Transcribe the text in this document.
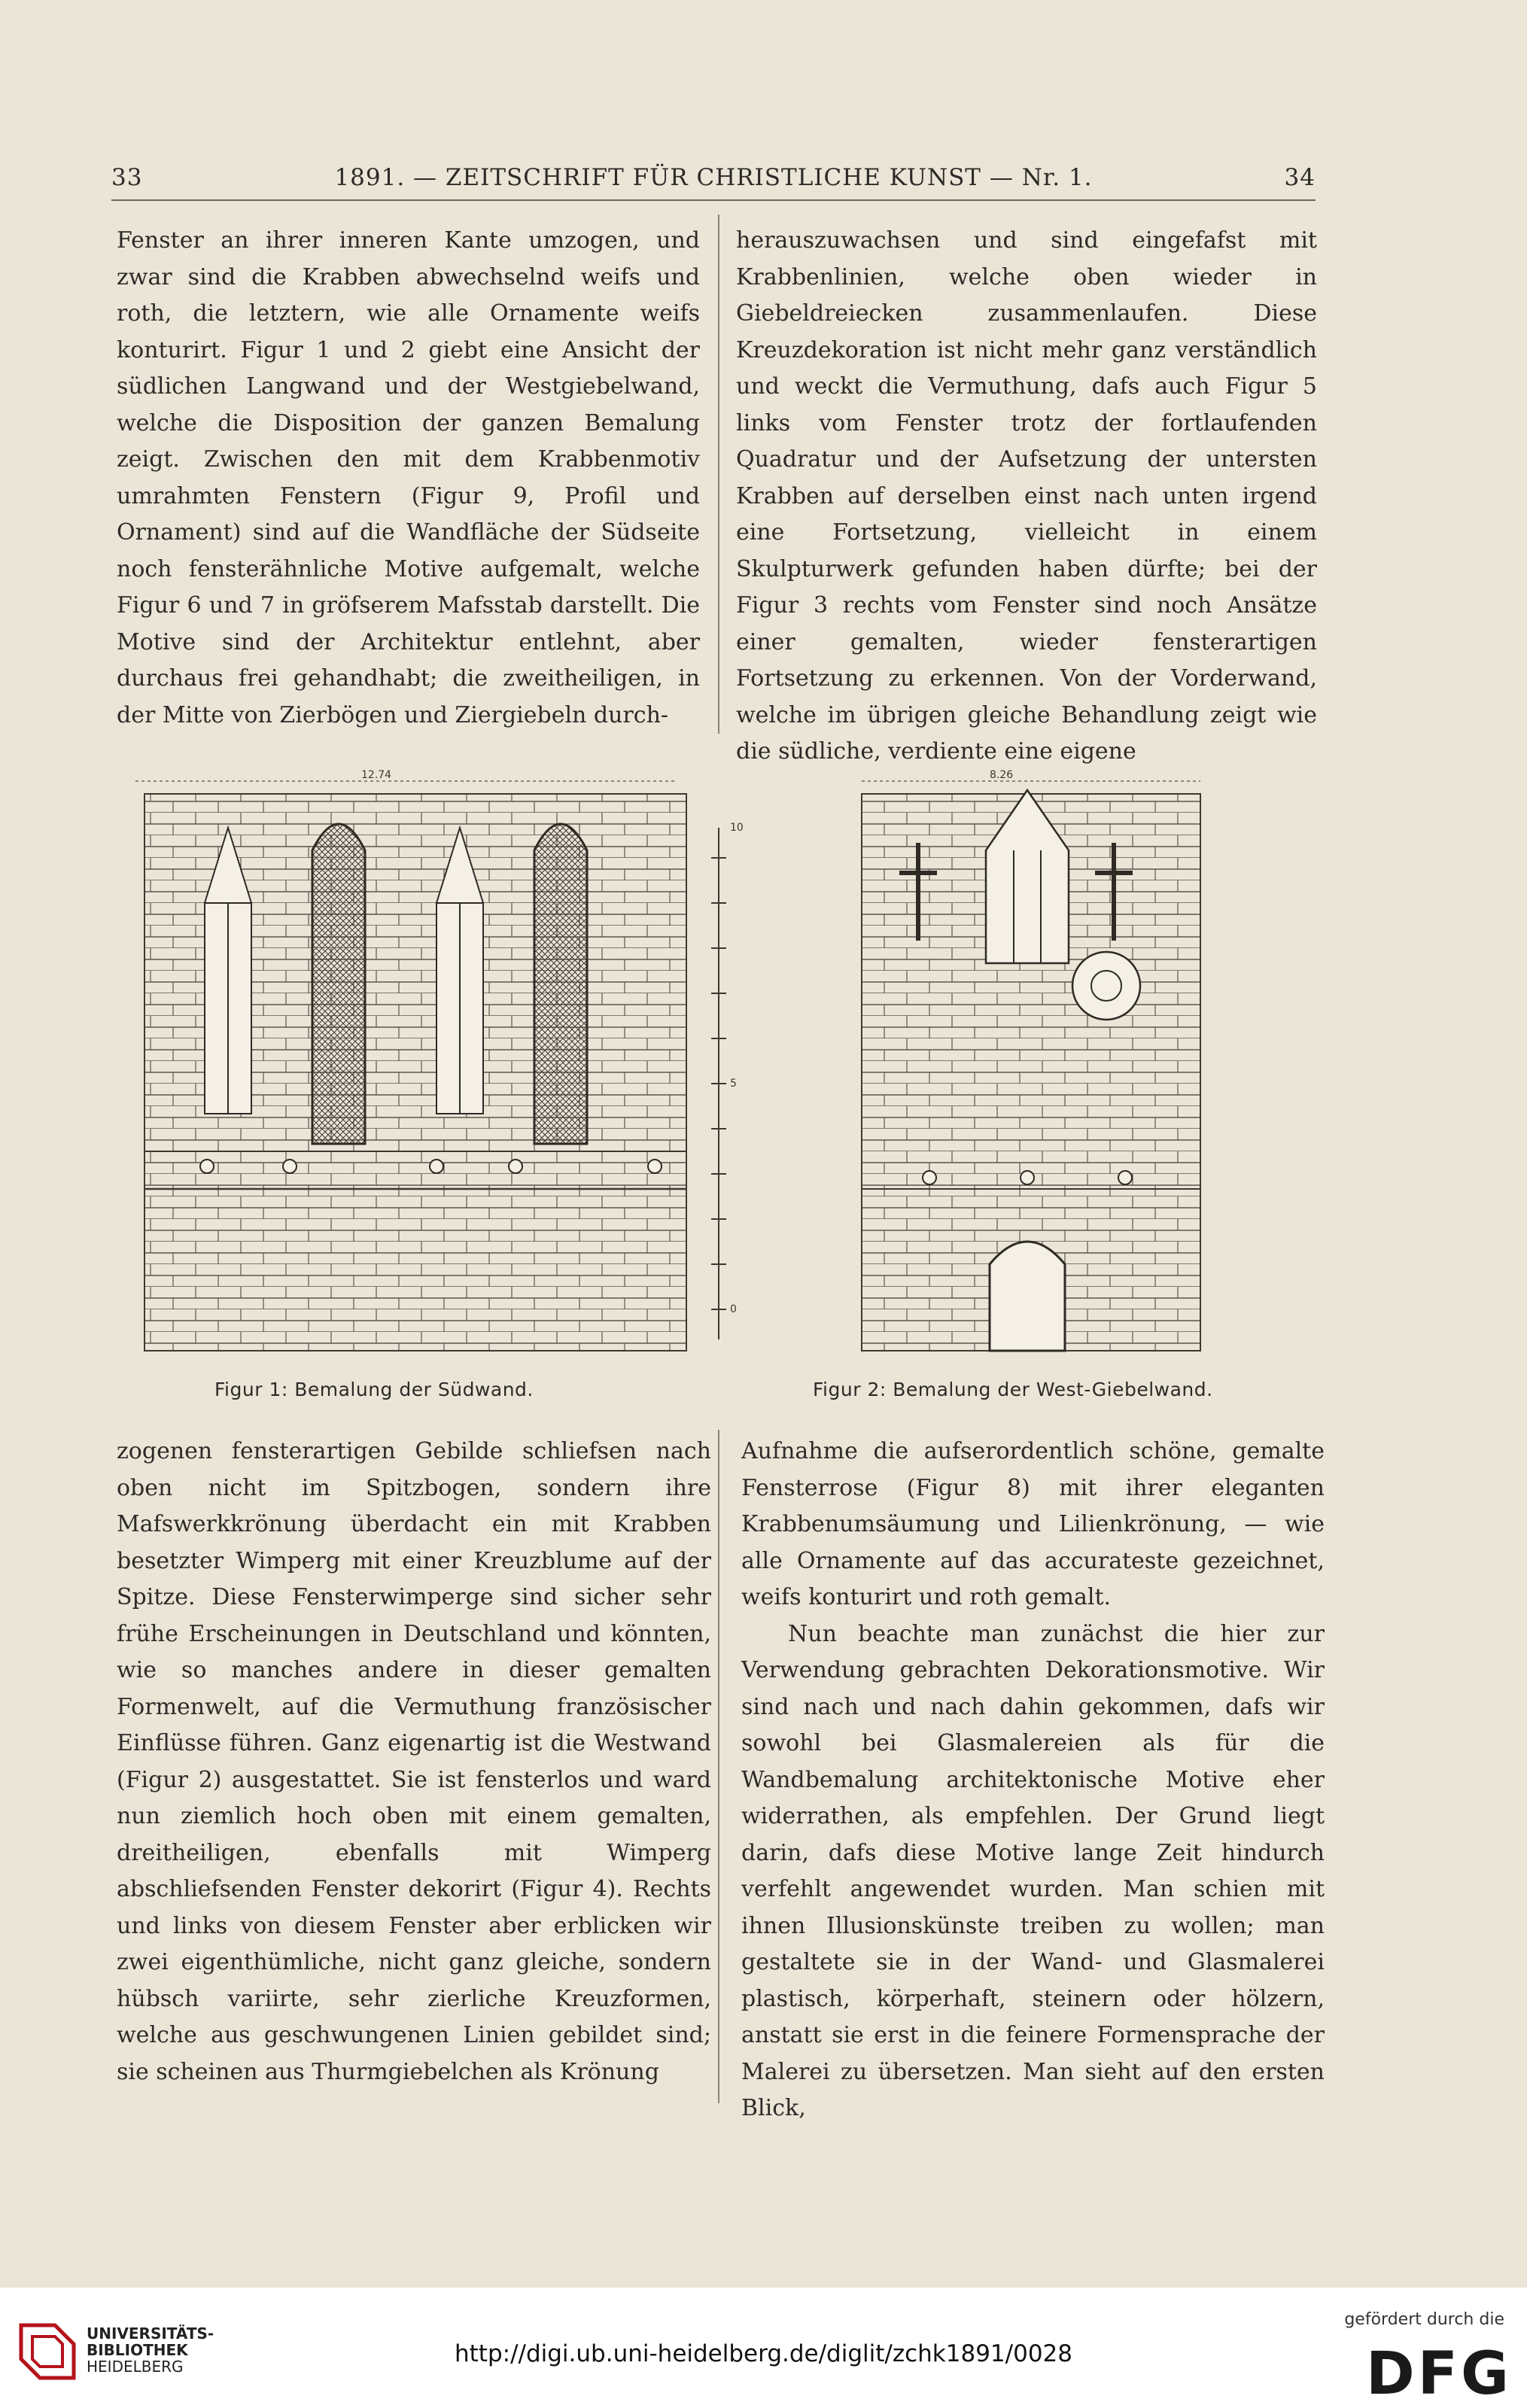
33	1891. — ZEITSCHRIFT FÜR CHRISTLICHE KUNST — Nr. 1.	34

Fenster an ihrer inneren Kante umzogen, und zwar sind die Krabben abwechselnd weifs und roth, die letztern, wie alle Ornamente weifs konturirt. Figur 1 und 2 giebt eine Ansicht der südlichen Langwand und der Westgiebelwand, welche die Disposition der ganzen Bemalung zeigt. Zwischen den mit dem Krabbenmotiv umrahmten Fenstern (Figur 9, Profil und Ornament) sind auf die Wandfläche der Südseite noch fensterähnliche Motive aufgemalt, welche Figur 6 und 7 in gröfserem Mafsstab darstellt. Die Motive sind der Architektur entlehnt, aber durchaus frei gehandhabt; die zweitheiligen, in der Mitte von Zierbögen und Ziergiebeln durch-

herauszuwachsen und sind eingefafst mit Krabbenlinien, welche oben wieder in Giebeldreiecken zusammenlaufen. Diese Kreuzdekoration ist nicht mehr ganz verständlich und weckt die Vermuthung, dafs auch Figur 5 links vom Fenster trotz der fortlaufenden Quadratur und der Aufsetzung der untersten Krabben auf derselben einst nach unten irgend eine Fortsetzung, vielleicht in einem Skulpturwerk gefunden haben dürfte; bei der Figur 3 rechts vom Fenster sind noch Ansätze einer gemalten, wieder fensterartigen Fortsetzung zu erkennen. Von der Vorderwand, welche im übrigen gleiche Behandlung zeigt wie die südliche, verdiente eine eigene

12.74
10
5
0
Figur 1: Bemalung der Südwand.
8.26
Figur 2: Bemalung der West-Giebelwand.

zogenen fensterartigen Gebilde schliefsen nach oben nicht im Spitzbogen, sondern ihre Mafswerkkrönung überdacht ein mit Krabben besetzter Wimperg mit einer Kreuzblume auf der Spitze. Diese Fensterwimperge sind sicher sehr frühe Erscheinungen in Deutschland und könnten, wie so manches andere in dieser gemalten Formenwelt, auf die Vermuthung französischer Einflüsse führen. Ganz eigenartig ist die Westwand (Figur 2) ausgestattet. Sie ist fensterlos und ward nun ziemlich hoch oben mit einem gemalten, dreitheiligen, ebenfalls mit Wimperg abschliefsenden Fenster dekorirt (Figur 4). Rechts und links von diesem Fenster aber erblicken wir zwei eigenthümliche, nicht ganz gleiche, sondern hübsch variirte, sehr zierliche Kreuzformen, welche aus geschwungenen Linien gebildet sind; sie scheinen aus Thurmgiebelchen als Krönung

Aufnahme die aufserordentlich schöne, gemalte Fensterrose (Figur 8) mit ihrer eleganten Krabbenumsäumung und Lilienkrönung, — wie alle Ornamente auf das accurateste gezeichnet, weifs konturirt und roth gemalt.

Nun beachte man zunächst die hier zur Verwendung gebrachten Dekorationsmotive. Wir sind nach und nach dahin gekommen, dafs wir sowohl bei Glasmalereien als für die Wandbemalung architektonische Motive eher widerrathen, als empfehlen. Der Grund liegt darin, dafs diese Motive lange Zeit hindurch verfehlt angewendet wurden. Man schien mit ihnen Illusionskünste treiben zu wollen; man gestaltete sie in der Wand- und Glasmalerei plastisch, körperhaft, steinern oder hölzern, anstatt sie erst in die feinere Formensprache der Malerei zu übersetzen. Man sieht auf den ersten Blick,

UNIVERSITÄTS-
BIBLIOTHEK
HEIDELBERG	http://digi.ub.uni-heidelberg.de/diglit/zchk1891/0028
gefördert durch die
DFG
